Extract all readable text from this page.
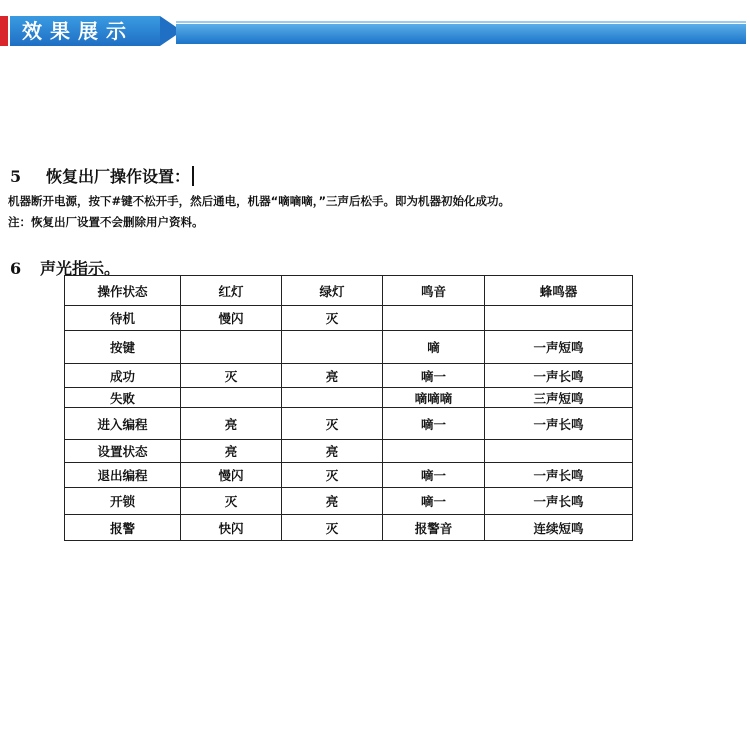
效果展示
5 恢复出厂操作设置：
机器断开电源，按下#键不松开手，然后通电，机器“嘀嘀嘀，”三声后松手。即为机器初始化成功。
注：恢复出厂设置不会删除用户资料。
6 声光指示。
操作状态	红灯	绿灯	鸣音	蜂鸣器
待机	慢闪	灭		
按键			嘀	一声短鸣
成功	灭	亮	嘀一	一声长鸣
失败			嘀嘀嘀	三声短鸣
进入编程	亮	灭	嘀一	一声长鸣
设置状态	亮	亮		
退出编程	慢闪	灭	嘀一	一声长鸣
开锁	灭	亮	嘀一	一声长鸣
报警	快闪	灭	报警音	连续短鸣
